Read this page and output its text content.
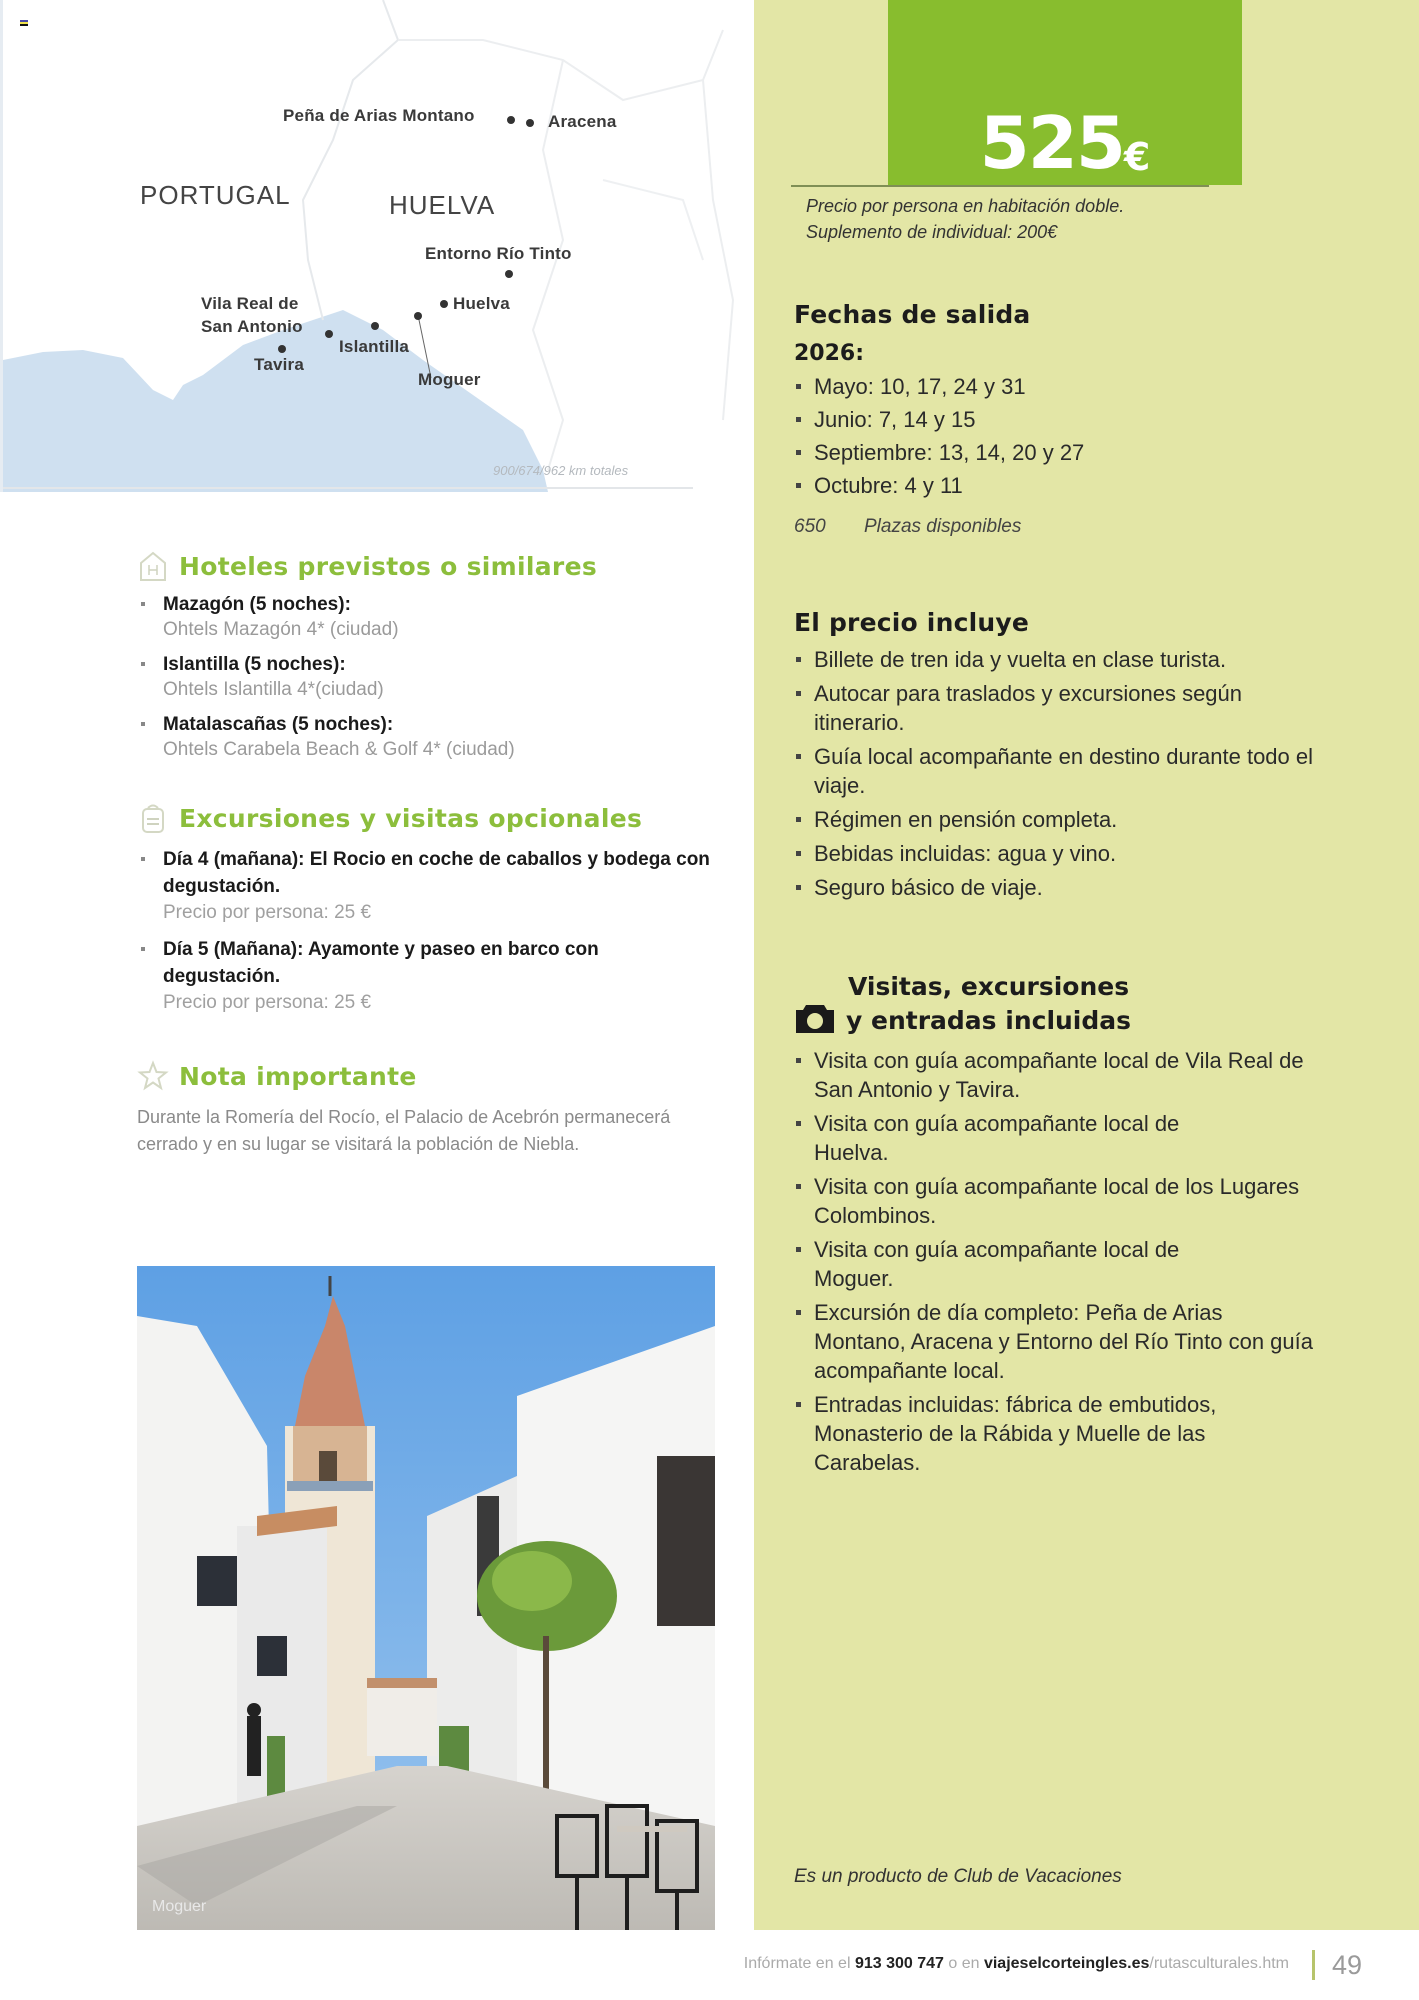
Peña de Arias Montano	Aracena
PORTUGAL	HUELVA
Entorno Río Tinto
Huelva
Vila Real de
San Antonio
Islantilla
Moguer
Tavira
900/674/962 km totales
Hoteles previstos o similares
Mazagón (5 noches):
Ohtels Mazagón 4* (ciudad)
Islantilla (5 noches):
Ohtels Islantilla 4*(ciudad)
Matalascañas (5 noches):
Ohtels Carabela Beach & Golf 4* (ciudad)
Excursiones y visitas opcionales
Día 4 (mañana): El Rocio en coche de caballos y bodega con degustación.
Precio por persona: 25 €
Día 5 (Mañana): Ayamonte y paseo en barco con degustación.
Precio por persona: 25 €
Nota importante

Durante la Romería del Rocío, el Palacio de Acebrón permanecerá cerrado y en su lugar se visitará la población de Niebla.

Moguer
525 €
Precio por persona en habitación doble.
Suplemento de individual: 200€
Fechas de salida
2026:
Mayo: 10, 17, 24 y 31
Junio: 7, 14 y 15
Septiembre: 13, 14, 20 y 27
Octubre: 4 y 11
650 Plazas disponibles
El precio incluye
Billete de tren ida y vuelta en clase turista.
Autocar para traslados y excursiones según itinerario.
Guía local acompañante en destino durante todo el viaje.
Régimen en pensión completa.
Bebidas incluidas: agua y vino.
Seguro básico de viaje.
Visitas, excursiones
y entradas incluidas
Visita con guía acompañante local de Vila Real de San Antonio y Tavira.
Visita con guía acompañante local de Huelva.
Visita con guía acompañante local de los Lugares Colombinos.
Visita con guía acompañante local de Moguer.
Excursión de día completo: Peña de Arias Montano, Aracena y Entorno del Río Tinto con guía acompañante local.
Entradas incluidas: fábrica de embutidos, Monasterio de la Rábida y Muelle de las Carabelas.
Es un producto de Club de Vacaciones
Infórmate en el 913 300 747 o en viajeselcorteingles.es/rutasculturales.htm 49
